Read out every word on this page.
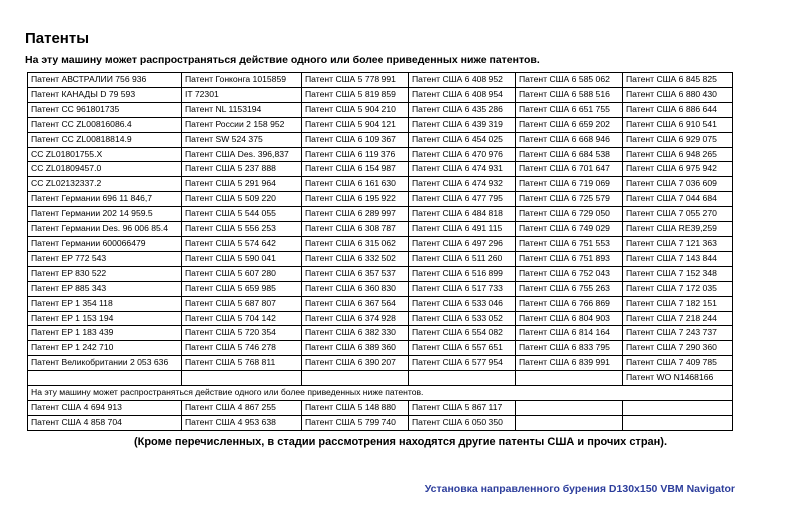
Патенты
На эту машину может распространяться действие одного или более приведенных ниже патентов.
Патент АВСТРАЛИИ 756 936	Патент Гонконга 1015859	Патент США 5 778 991	Патент США 6 408 952	Патент США 6 585 062	Патент США 6 845 825
Патент КАНАДЫ D 79 593	IT 72301	Патент США 5 819 859	Патент США 6 408 954	Патент США 6 588 516	Патент США 6 880 430
Патент CC 961801735	Патент NL 1153194	Патент США 5 904 210	Патент США 6 435 286	Патент США 6 651 755	Патент США 6 886 644
Патент CC ZL00816086.4	Патент России 2 158 952	Патент США 5 904 121	Патент США 6 439 319	Патент США 6 659 202	Патент США 6 910 541
Патент CC ZL00818814.9	Патент SW 524 375	Патент США 6 109 367	Патент США 6 454 025	Патент США 6 668 946	Патент США 6 929 075
CC ZL01801755.X	Патент США Des. 396,837	Патент США 6 119 376	Патент США 6 470 976	Патент США 6 684 538	Патент США 6 948 265
CC ZL01809457.0	Патент США 5 237 888	Патент США 6 154 987	Патент США 6 474 931	Патент США 6 701 647	Патент США 6 975 942
CC ZL02132337.2	Патент США 5 291 964	Патент США 6 161 630	Патент США 6 474 932	Патент США 6 719 069	Патент США 7 036 609
Патент Германии 696 11 846,7	Патент США 5 509 220	Патент США 6 195 922	Патент США 6 477 795	Патент США 6 725 579	Патент США 7 044 684
Патент Германии 202 14 959.5	Патент США 5 544 055	Патент США 6 289 997	Патент США 6 484 818	Патент США 6 729 050	Патент США 7 055 270
Патент Германии Des. 96 006 85.4	Патент США 5 556 253	Патент США 6 308 787	Патент США 6 491 115	Патент США 6 749 029	Патент США RE39,259
Патент Германии 600066479	Патент США 5 574 642	Патент США 6 315 062	Патент США 6 497 296	Патент США 6 751 553	Патент США 7 121 363
Патент EP 772 543	Патент США 5 590 041	Патент США 6 332 502	Патент США 6 511 260	Патент США 6 751 893	Патент США 7 143 844
Патент EP 830 522	Патент США 5 607 280	Патент США 6 357 537	Патент США 6 516 899	Патент США 6 752 043	Патент США 7 152 348
Патент EP 885 343	Патент США 5 659 985	Патент США 6 360 830	Патент США 6 517 733	Патент США 6 755 263	Патент США 7 172 035
Патент EP 1 354 118	Патент США 5 687 807	Патент США 6 367 564	Патент США 6 533 046	Патент США 6 766 869	Патент США 7 182 151
Патент EP 1 153 194	Патент США 5 704 142	Патент США 6 374 928	Патент США 6 533 052	Патент США 6 804 903	Патент США 7 218 244
Патент EP 1 183 439	Патент США 5 720 354	Патент США 6 382 330	Патент США 6 554 082	Патент США 6 814 164	Патент США 7 243 737
Патент EP 1 242 710	Патент США 5 746 278	Патент США 6 389 360	Патент США 6 557 651	Патент США 6 833 795	Патент США 7 290 360
Патент Великобритании 2 053 636	Патент США 5 768 811	Патент США 6 390 207	Патент США 6 577 954	Патент США 6 839 991	Патент США 7 409 785
					Патент WO N1468166
На эту машину может распространяться действие одного или более приведенных ниже патентов.					
Патент США 4 694 913	Патент США 4 867 255	Патент США 5 148 880	Патент США 5 867 117		
Патент США 4 858 704	Патент США 4 953 638	Патент США 5 799 740	Патент США 6 050 350		
(Кроме перечисленных, в стадии рассмотрения находятся другие патенты США и прочих стран).
Установка направленного бурения D130x150 VBM Navigator
